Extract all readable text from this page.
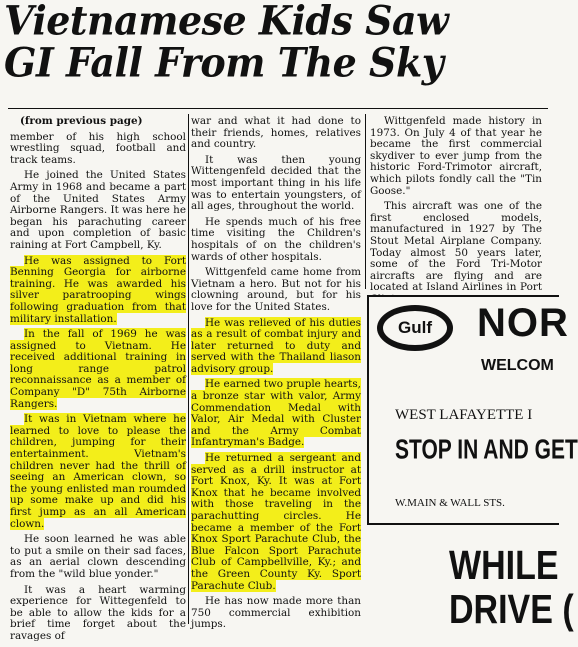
Vietnamese Kids Saw
GI Fall From The Sky

(from previous page)

member of his high school wrestling squad, football and track teams.

He joined the United States Army in 1968 and became a part of the United States Army Airborne Rangers. It was here he began his parachuting career and upon completion of basic raining at Fort Campbell, Ky.

He was assigned to Fort Benning Georgia for airborne training. He was awarded his silver paratrooping wings following graduation from that military installation.

In the fall of 1969 he was assigned to Vietnam. He received additional training in long range patrol reconnaissance as a member of Company "D" 75th Airborne Rangers.

It was in Vietnam where he learned to love to please the children, jumping for their entertainment. Vietnam's children never had the thrill of seeing an American clown, so the young enlisted man roumded up some make up and did his first jump as an all American clown.

He soon learned he was able to put a smile on their sad faces, as an aerial clown descending from the "wild blue yonder."

It was a heart warming experience for Wittegenfeld to be able to allow the kids for a brief time forget about the ravages of

war and what it had done to their friends, homes, relatives and country.

It was then young Wittengenfeld decided that the most important thing in his life was to entertain youngsters, of all ages, throughout the world.

He spends much of his free time visiting the Children's hospitals of on the children's wards of other hospitals.

Wittgenfeld came home from Vietnam a hero. But not for his clowning around, but for his love for the United States.

He was relieved of his duties as a result of combat injury and later returned to duty and served with the Thailand liason advisory group.

He earned two pruple hearts, a bronze star with valor, Army Commendation Medal with Valor, Air Medal with Cluster and the Army Combat Infantryman's Badge.

He returned a sergeant and served as a drill instructor at Fort Knox, Ky. It was at Fort Knox that he became involved with those traveling in the parachutting circles. He became a member of the Fort Knox Sport Parachute Club, the Blue Falcon Sport Parachute Club of Campbellville, Ky.; and the Green County Ky. Sport Parachute Club.

He has now made more than 750 commercial exhibition jumps.

Wittgenfeld made history in 1973. On July 4 of that year he became the first commercial skydiver to ever jump from the historic Ford-Trimotor aircraft, which pilots fondly call the "Tin Goose."

This aircraft was one of the first enclosed models, manufactured in 1927 by The Stout Metal Airplane Company. Today almost 50 years later, some of the Ford Tri-Motor aircrafts are flying and are located at Island Airlines in Port

Gulf NOR
WELCOM
WEST LAFAYETTE I
STOP IN AND GET
W.MAIN & WALL STS.
WHILE
DRIVE (
